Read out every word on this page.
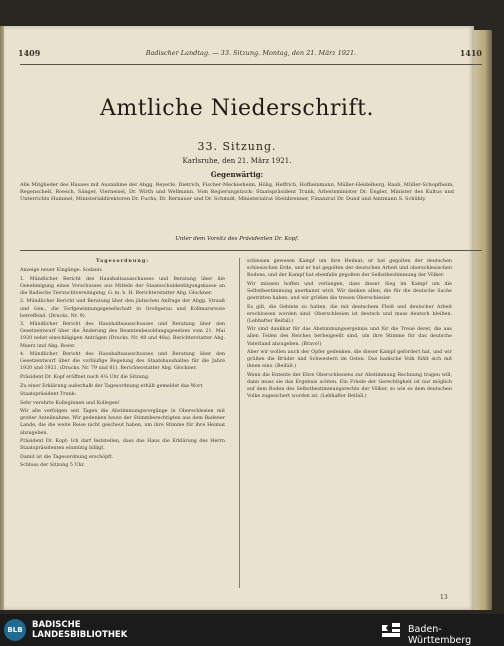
1409	Badischer Landtag. — 33. Sitzung. Montag, den 21. März 1921.	1410
Amtliche Niederschrift.
33. Sitzung.
Karlsruhe, den 21. März 1921.
Gegenwärtig:
Alle Mitglieder des Hauses mit Ausnahme der Abgg. Beyerle, Dietrich, Fischer-Meckesheim, Hölig, Heffrich, Hofheinmann, Müller-Heidelberg, Raab, Müller-Schopfheim, Regenscheit, Roesch, Sänger, Vierneisel, Dr. Wirth und Wellmann. Vom Regierungstisch: Staatspräsident Trunk, Arbeitsminister Dr. Engler, Minister des Kultus und Unterrichts Hummel, Ministerialdirektoren Dr. Fuchs, Dr. Bernauer und Dr. Schmidt, Ministerialrat Steinbrenner, Finanzrat Dr. Dund und Amtmann S. Schühly.
Unter dem Vorsitz des Präsidenten Dr. Kopf.

Tagesordnung:

Anzeige neuer Eingänge. Sodann:

1. Mündlicher Bericht des Haushaltsausschusses und Beratung über die Genehmigung eines Vorschusses aus Mitteln der Staatsschuldentilgungskasse an die Badische Tierzuchtvereinigung, G. m. b. H. Berichterstatter Abg. Glockner.

2. Mündlicher Bericht und Beratung über den jüdischen Anfrage der Abgg. Strauß und Gen., die Torfgewinnungsgesellschaft in Großgerau und Kollmarsreute betreffend. (Drucks. Nr. 9).

3. Mündlicher Bericht des Haushaltsausschusses und Beratung über den Gesetzentwurf über die Änderung des Beamtenbesoldungsgesetzes vom 21. Mai 1920 nebst einschlägigen Anträgen (Drucks. Nr. 48 und 48a). Berichterstatter Abg. Maerz und Abg. Roser.

4. Mündlicher Bericht des Haushaltsausschusses und Beratung über den Gesetzentwurf über die vorläufige Regelung des Staatshaushaltes für die Jahre 1920 und 1921. (Drucks. Nr. 79 und 81). Berichterstatter Abg. Glockner.

Präsident Dr. Kopf eröffnet nach 4¼ Uhr die Sitzung.

Zu einer Erklärung außerhalb der Tagesordnung erhält gemeldet das Wort

Staatspräsident Trunk:

Sehr verehrte Kolleginnen und Kollegen!

Wir alle verfolgen seit Tagen die Abstimmungsvorgänge in Oberschlesien mit großer Anteilnahme. Wir gedenken heute der Stimmberechtigten aus dem Badener Lande, die die weite Reise nicht gescheut haben, um ihre Stimme für ihre Heimat abzugeben.

Präsident Dr. Kopf: Ich darf feststellen, dass das Haus die Erklärung des Herrn Staatspräsidenten einmütig billigt.

Damit ist die Tagesordnung erschöpft.

Schluss der Sitzung 5 Uhr.

schlesien gewesen Kampf um ihre Heimat; er hat gegolten der deutschen schlesischen Erde, und er hat gegolten der deutschen Arbeit und oberschlesischen Bodens, und der Kampf hat ebenfalls gegolten der Selbstbestimmung der Völker.

Wir müssen hoffen und verlangen, dass dieser Sieg im Kampf um die Selbstbestimmung anerkannt wird. Wir danken allen, die für die deutsche Sache gestritten haben, und wir grüßen die treuen Oberschlesier.

Es gilt, die Gebiete zu halten, die mit deutschem Fleiß und deutscher Arbeit erschlossen worden sind. Oberschlesien ist deutsch und muss deutsch bleiben. (Lebhafter Beifall.)

Wir sind dankbar für das Abstimmungsergebnis und für die Treue derer, die aus allen Teilen des Reiches herbeigeeilt sind, um ihre Stimme für das deutsche Vaterland abzugeben. (Bravo!)

Aber wir wollen auch der Opfer gedenken, die dieser Kampf gefordert hat, und wir grüßen die Brüder und Schwestern im Osten. Das badische Volk fühlt sich mit ihnen eins. (Beifall.)

Wenn die Entente der Ehre Oberschlesiens zur Abstimmung Rechnung tragen will, dann muss sie das Ergebnis achten. Ein Friede der Gerechtigkeit ist nur möglich auf dem Boden des Selbstbestimmungsrechts der Völker, so wie es dem deutschen Volke zugesichert worden ist. (Lebhafter Beifall.)

13
BLB	BADISCHE
LANDESBIBLIOTHEK	Baden-Württemberg
